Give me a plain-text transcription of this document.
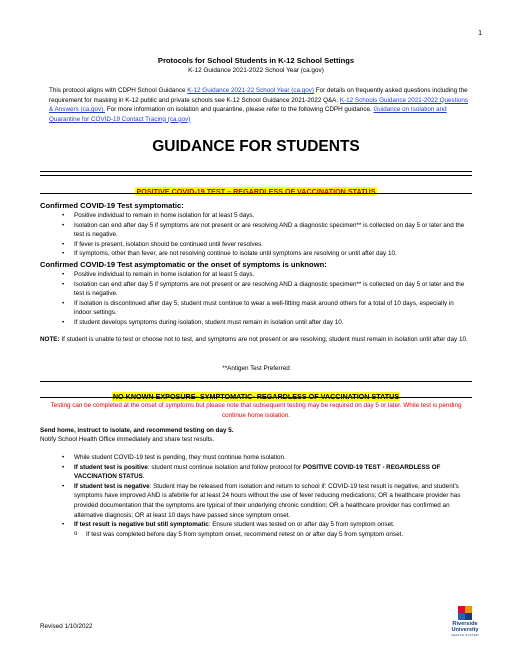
1
Protocols for School Students in K-12 School Settings
K-12 Guidance 2021-2022 School Year (ca.gov)
This protocol aligns with CDPH School Guidance K-12 Guidance 2021-22 School Year (ca.gov) For details on frequently asked questions including the requirement for masking in K-12 public and private schools see K-12 School Guidance 2021-2022 Q&A. K-12 Schools Guidance 2021-2022 Questions & Answers (ca.gov). For more information on isolation and quarantine, please refer to the following CDPH guidance. Guidance on Isolation and Quarantine for COVID-19 Contact Tracing (ca.gov)
GUIDANCE FOR STUDENTS
POSITIVE COVID-19 TEST – REGARDLESS OF VACCINATION STATUS
Confirmed COVID-19 Test symptomatic:
• Positive individual to remain in home isolation for at least 5 days.
• Isolation can end after day 5 if symptoms are not present or are resolving AND a diagnostic specimen** is collected on day 5 or later and the test is negative.
• If fever is present, isolation should be continued until fever resolves.
• If symptoms, other than fever, are not resolving continue to isolate until symptoms are resolving or until after day 10.
Confirmed COVID-19 Test asymptomatic or the onset of symptoms is unknown:
• Positive individual to remain in home isolation for at least 5 days.
• Isolation can end after day 5 if symptoms are not present or are resolving AND a diagnostic specimen** is collected on day 5 or later and the test is negative.
• If isolation is discontinued after day 5, student must continue to wear a well-fitting mask around others for a total of 10 days, especially in indoor settings.
• If student develops symptoms during isolation, student must remain in isolation until after day 10.
NOTE: If student is unable to test or choose not to test, and symptoms are not present or are resolving, student must remain in isolation until after day 10.
**Antigen Test Preferred
NO KNOWN EXPOSURE- SYMPTOMATIC- REGARDLESS OF VACCINATION STATUS
Testing can be completed at the onset of symptoms but please note that subsequent testing may be required on day 5 or later. While test is pending continue home isolation.
Send home, instruct to isolate, and recommend testing on day 5.
Notify School Health Office immediately and share test results.
• While student COVID-19 test is pending, they must continue home isolation.
• If student test is positive: student must continue isolation and follow protocol for POSITIVE COVID-19 TEST - REGARDLESS OF VACCINATION STATUS.
• If student test is negative: Student may be released from isolation and return to school if: COVID-19 test result is negative, and student's symptoms have improved AND is afebrile for at least 24 hours without the use of fever reducing medications; OR a healthcare provider has provided documentation that the symptoms are typical of their underlying chronic condition; OR a healthcare provider has confirmed an alternative diagnosis; OR at least 10 days have passed since symptom onset.
• If test result is negative but still symptomatic: Ensure student was tested on or after day 5 from symptom onset.
o If test was completed before day 5 from symptom onset, recommend retest on or after day 5 from symptom onset.
Revised 1/10/2022	Riverside
University
HEALTH SYSTEM
